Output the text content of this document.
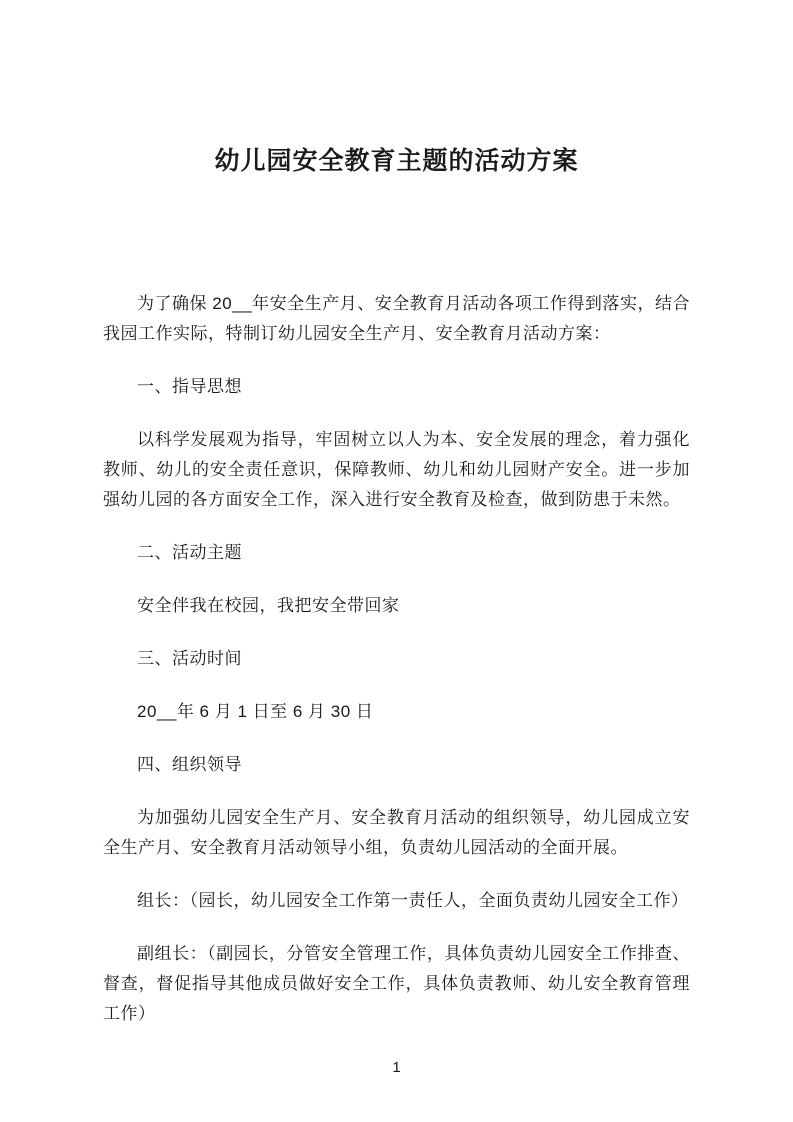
幼儿园安全教育主题的活动方案

为了确保 20__年安全生产月、安全教育月活动各项工作得到落实，结合我园工作实际，特制订幼儿园安全生产月、安全教育月活动方案：

一、指导思想

以科学发展观为指导，牢固树立以人为本、安全发展的理念，着力强化教师、幼儿的安全责任意识，保障教师、幼儿和幼儿园财产安全。进一步加强幼儿园的各方面安全工作，深入进行安全教育及检查，做到防患于未然。

二、活动主题

安全伴我在校园，我把安全带回家

三、活动时间

20__年 6 月 1 日至 6 月 30 日

四、组织领导

为加强幼儿园安全生产月、安全教育月活动的组织领导，幼儿园成立安全生产月、安全教育月活动领导小组，负责幼儿园活动的全面开展。

组长：（园长，幼儿园安全工作第一责任人，全面负责幼儿园安全工作）

副组长：（副园长，分管安全管理工作，具体负责幼儿园安全工作排查、督查，督促指导其他成员做好安全工作，具体负责教师、幼儿安全教育管理工作）

1
